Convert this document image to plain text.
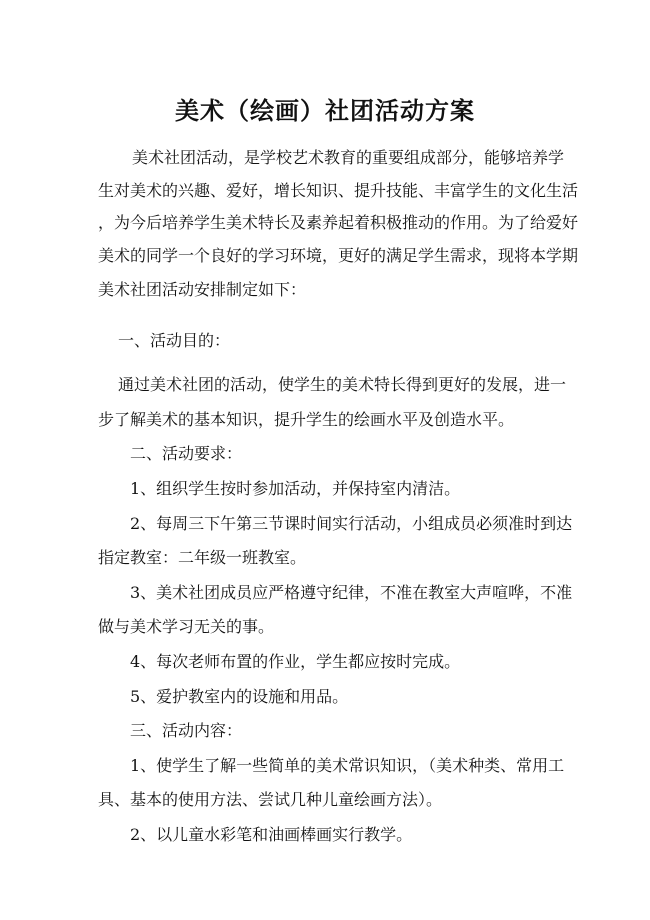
美术（绘画）社团活动方案
美术社团活动，是学校艺术教育的重要组成部分，能够培养学
生对美术的兴趣、爱好，增长知识、提升技能、丰富学生的文化生活
，为今后培养学生美术特长及素养起着积极推动的作用。为了给爱好
美术的同学一个良好的学习环境，更好的满足学生需求，现将本学期
美术社团活动安排制定如下：
一、活动目的：
通过美术社团的活动，使学生的美术特长得到更好的发展，进一
步了解美术的基本知识，提升学生的绘画水平及创造水平。
二、活动要求：
1、组织学生按时参加活动，并保持室内清洁。
2、每周三下午第三节课时间实行活动，小组成员必须准时到达
指定教室：二年级一班教室。
3、美术社团成员应严格遵守纪律，不准在教室大声喧哗，不准
做与美术学习无关的事。
4、每次老师布置的作业，学生都应按时完成。
5、爱护教室内的设施和用品。
三、活动内容：
1、使学生了解一些简单的美术常识知识，（美术种类、常用工
具、基本的使用方法、尝试几种儿童绘画方法）。
2、以儿童水彩笔和油画棒画实行教学。
